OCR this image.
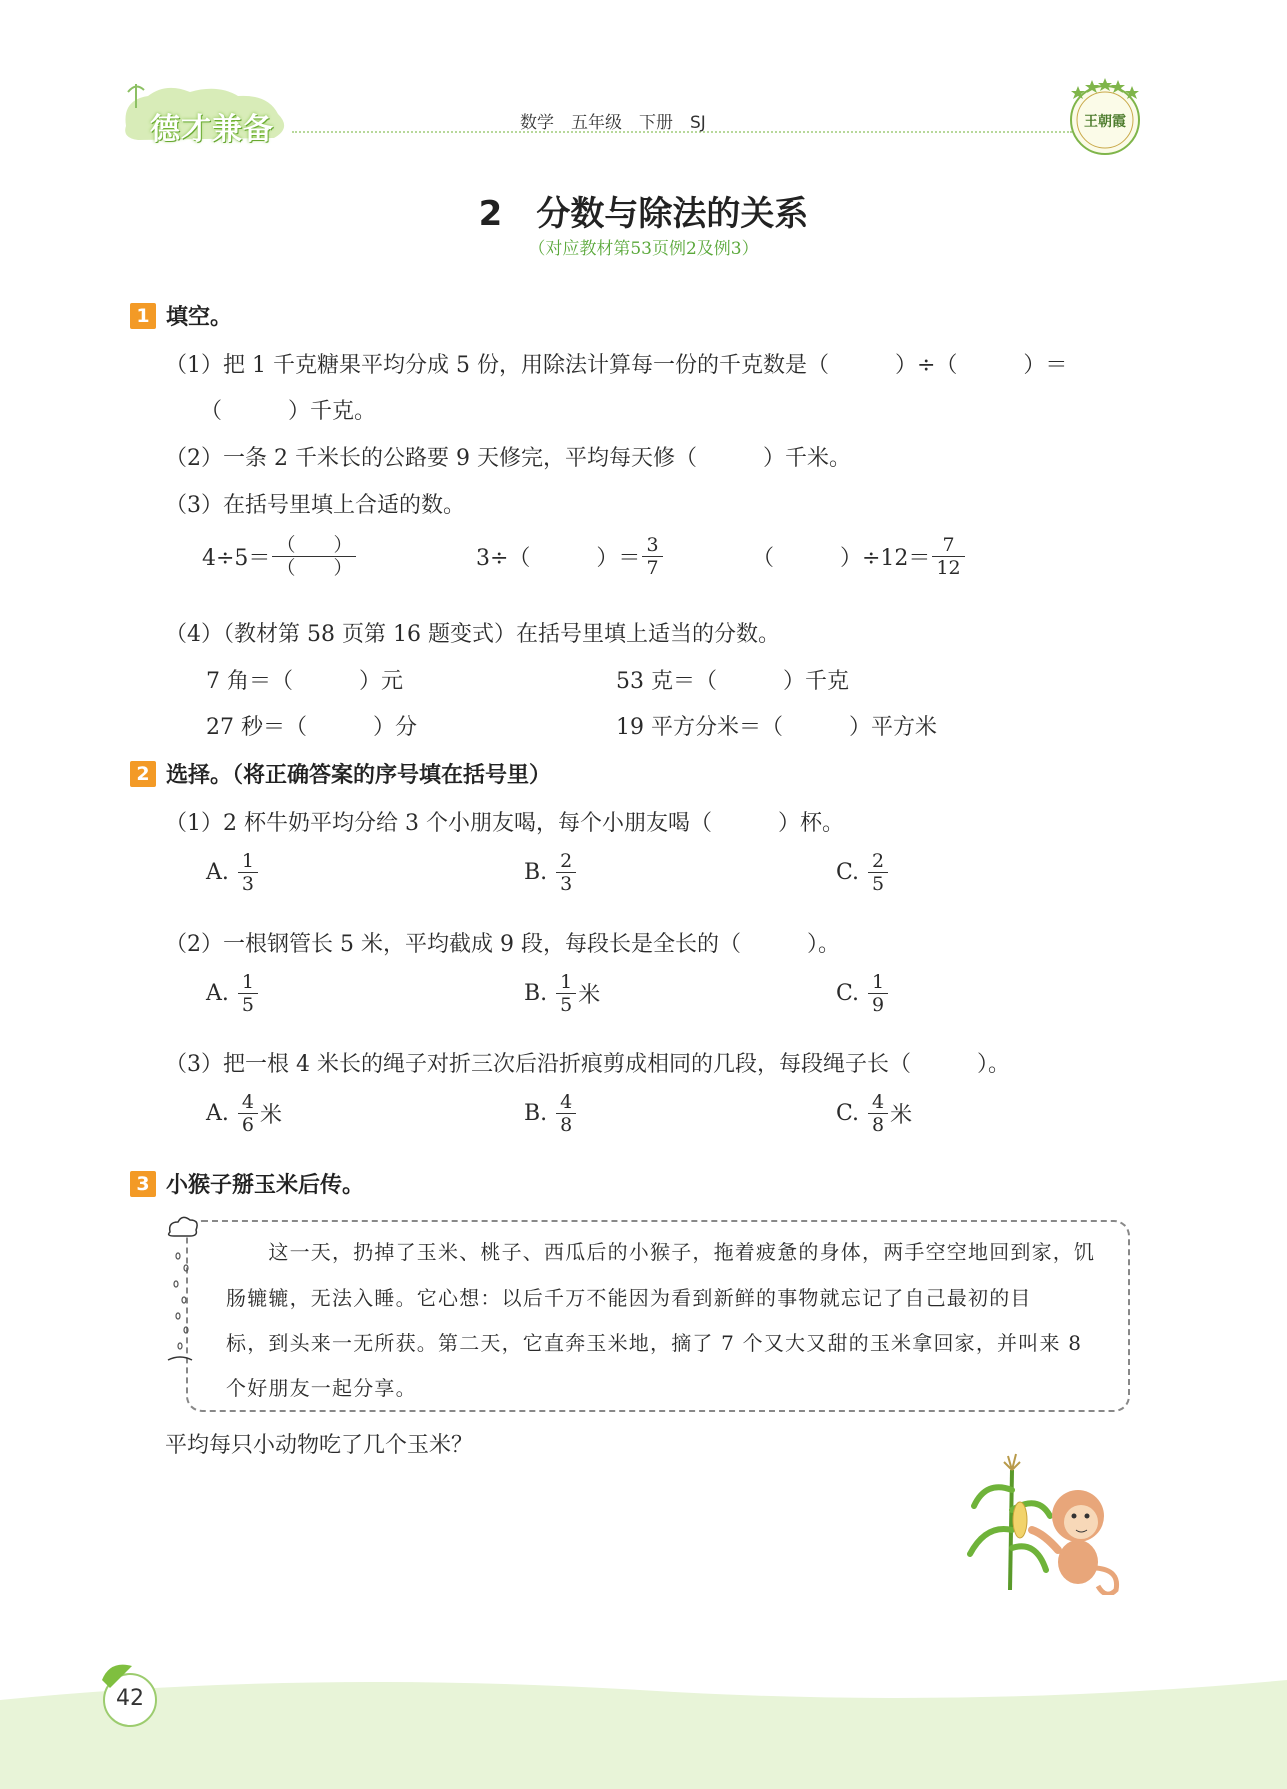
德才兼备	数学　五年级　下册　SJ	王朝霞
2　分数与除法的关系
（对应教材第53页例2及例3）
1 填空。
（1）把 1 千克糖果平均分成 5 份，用除法计算每一份的千克数是（　　　）÷（　　　）＝
（　　　）千克。
（2）一条 2 千米长的公路要 9 天修完，平均每天修（　　　）千米。
（3）在括号里填上合适的数。
$4\div 5= \frac{( )}{( )}$	3÷（　　　）＝ $\frac{3}{7}$	（　　　）$\div 12= \frac{7}{12}$
（4）（教材第 58 页第 16 题变式）在括号里填上适当的分数。
7 角＝（　　　）元	53 克＝（　　　）千克
27 秒＝（　　　）分	19 平方分米＝（　　　）平方米
2 选择。（将正确答案的序号填在括号里）
（1）2 杯牛奶平均分给 3 个小朋友喝，每个小朋友喝（　　　）杯。
A. $\frac{1}{3}$	B. $\frac{2}{3}$	C. $\frac{2}{5}$
（2）一根钢管长 5 米，平均截成 9 段，每段长是全长的（　　　）。
A. $\frac{1}{5}$	B. $\frac{1}{5}$ 米	C. $\frac{1}{9}$
（3）把一根 4 米长的绳子对折三次后沿折痕剪成相同的几段，每段绳子长（　　　）。
A. $\frac{4}{6}$ 米	B. $\frac{4}{8}$	C. $\frac{4}{8}$ 米
3 小猴子掰玉米后传。
　　这一天，扔掉了玉米、桃子、西瓜后的小猴子，拖着疲惫的身体，两手空空地回到家，饥
肠辘辘，无法入睡。它心想：以后千万不能因为看到新鲜的事物就忘记了自己最初的目
标，到头来一无所获。第二天，它直奔玉米地，摘了 7 个又大又甜的玉米拿回家，并叫来 8
个好朋友一起分享。
平均每只小动物吃了几个玉米？
42
